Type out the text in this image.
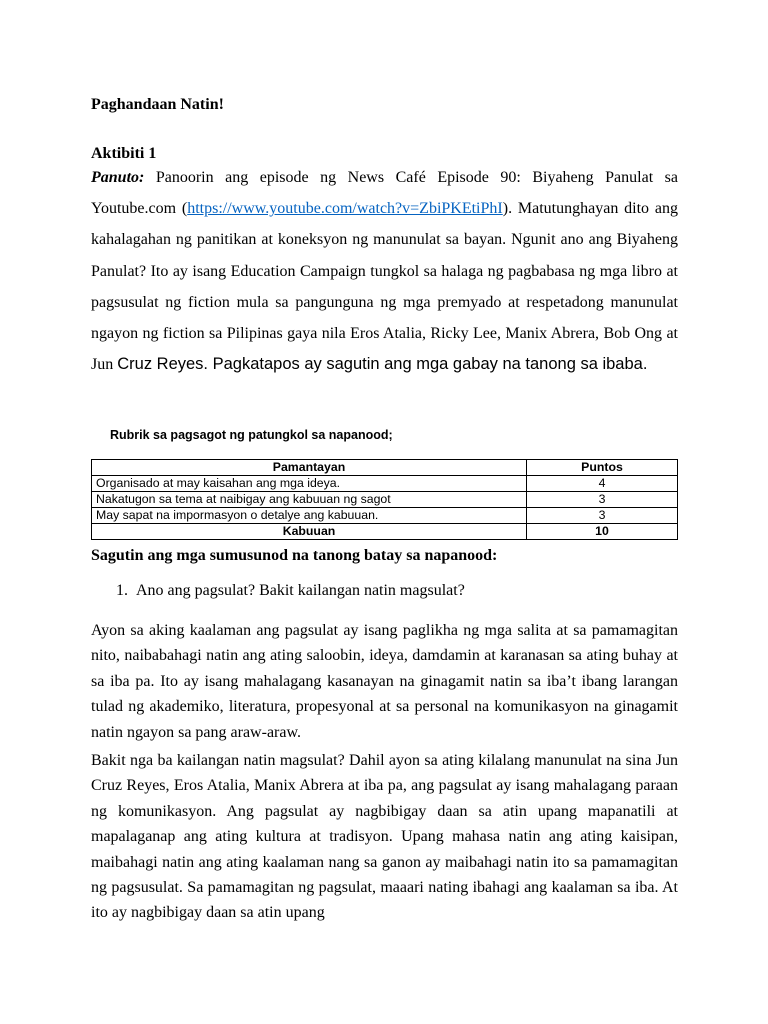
Paghandaan Natin!

Aktibiti 1

Panuto: Panoorin ang episode ng News Café Episode 90: Biyaheng Panulat sa Youtube.com (https://www.youtube.com/watch?v=ZbiPKEtiPhI). Matutunghayan dito ang kahalagahan ng panitikan at koneksyon ng manunulat sa bayan. Ngunit ano ang Biyaheng Panulat? Ito ay isang Education Campaign tungkol sa halaga ng pagbabasa ng mga libro at pagsusulat ng fiction mula sa pangunguna ng mga premyado at respetadong manunulat ngayon ng fiction sa Pilipinas gaya nila Eros Atalia, Ricky Lee, Manix Abrera, Bob Ong at Jun Cruz Reyes. Pagkatapos ay sagutin ang mga gabay na tanong sa ibaba.

Rubrik sa pagsagot ng patungkol sa napanood;

Pamantayan	Puntos
Organisado at may kaisahan ang mga ideya.	4
Nakatugon sa tema at naibigay ang kabuuan ng sagot	3
May sapat na impormasyon o detalye ang kabuuan.	3
Kabuuan	10

Sagutin ang mga sumusunod na tanong batay sa napanood:

1. Ano ang pagsulat? Bakit kailangan natin magsulat?

Ayon sa aking kaalaman ang pagsulat ay isang paglikha ng mga salita at sa pamamagitan nito, naibabahagi natin ang ating saloobin, ideya, damdamin at karanasan sa ating buhay at sa iba pa. Ito ay isang mahalagang kasanayan na ginagamit natin sa iba’t ibang larangan tulad ng akademiko, literatura, propesyonal at sa personal na komunikasyon na ginagamit natin ngayon sa pang araw-araw.

Bakit nga ba kailangan natin magsulat? Dahil ayon sa ating kilalang manunulat na sina Jun Cruz Reyes, Eros Atalia, Manix Abrera at iba pa, ang pagsulat ay isang mahalagang paraan ng komunikasyon. Ang pagsulat ay nagbibigay daan sa atin upang mapanatili at mapalaganap ang ating kultura at tradisyon. Upang mahasa natin ang ating kaisipan, maibahagi natin ang ating kaalaman nang sa ganon ay maibahagi natin ito sa pamamagitan ng pagsusulat. Sa pamamagitan ng pagsulat, maaari nating ibahagi ang kaalaman sa iba. At ito ay nagbibigay daan sa atin upang
